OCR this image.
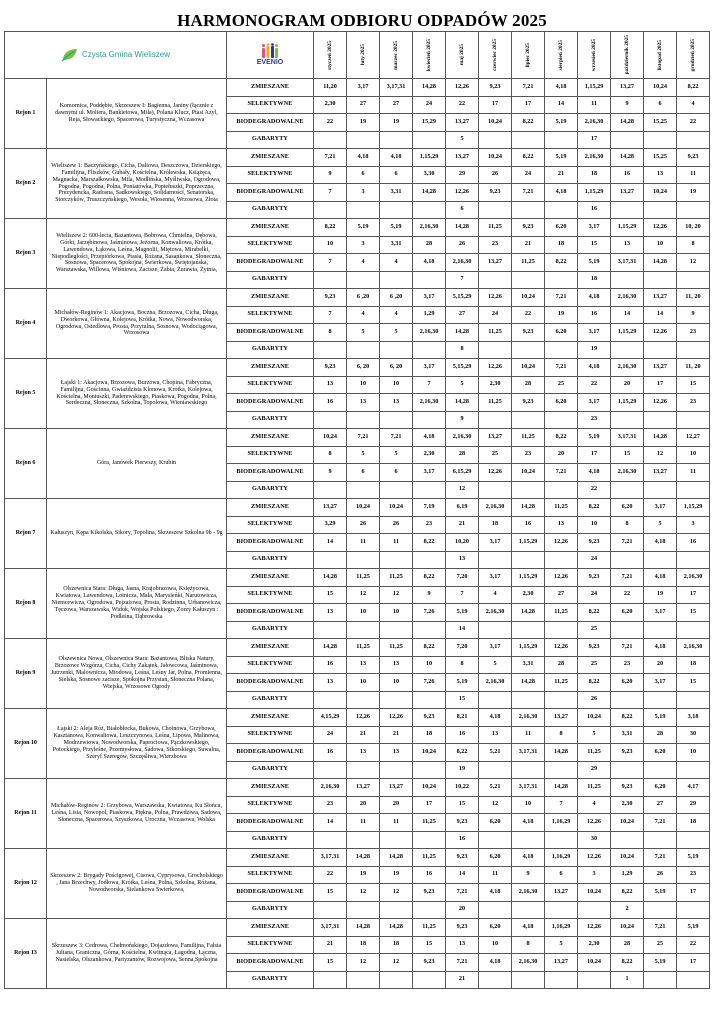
HARMONOGRAM ODBIORU ODPADÓW 2025
Czysta Gmina Wieliszew		EVENIO	styczeń 2025	luty 2025	marzec 2025	kwiecień 2025	maj 2025	czerwiec 2025	lipiec 2025	sierpień 2025	wrzesień 2025	październik 2025	listopad 2025	grudzień 2025

Rejon 1	Komornica, Poddębie, Skrzeszew I: Bagienna, Janiny (łącznie z dawnymi ul. Moliera, Bankietowa, Miła), Polana Klucz, Ptasi Azyl, Reja, Słowackiego, Spacerowa, Turystyczna, Wczasowa	ZMIESZANE	11,20	3,17	3,17,31	14,28	12,26	9,23	7,21	4,18	1,15,29	13,27	10,24	8,22
		SELEKTYWNE	2,30	27	27	24	22	17	17	14	11	9	6	4
		BIODEGRADOWALNE	22	19	19	15,29	13,27	10,24	8,22	5,19	2,16,30	14,28	15,25	22
		GABARYTY					5				17			
Rejon 2	Wieliszew 1: Baczyńskiego, Cicha, Daliowa, Deszczowa, Dzierskiego, Familijna, Fliszków, Gubały, Kościelna, Królewska, Książęca, Magnacka, Marszałkowska, Mila, Modlińska, Myśliwska, Ogrodowa, Pogodna, Pogodna, Polna, Poniatówka, Popiełuszki, Poprzeczna, Prezydencka, Radosna, Sadkowskiego, Solidarności, Senatorska, Storczyków, Truszczyńskiego, Wesoła, Wiosenna, Wrzosowa, Złota	ZMIESZANE	7,21	4,18	4,18	1,15,29	13,27	10,24	8,22	5,19	2,16,30	14,28	15,25	9,23
		SELEKTYWNE	9	6	6	3,30	29	26	24	21	18	16	13	11
		BIODEGRADOWALNE	7	3	3,31	14,28	12,26	9,23	7,21	4,18	1,15,29	13,27	10,24	19
		GABARYTY					6				16			
Rejon 3	Wieliszew 2: 600-lecia, Bażantowa, Bobrowa, Chmielna, Dębowa, Górki, Jarzębinowa, Jaśminowa, Jeżorna, Konwaliowa, Krótka, Lawendowa, Łąkowa, Leśna, Magnolii, Miętowa, Mirabelki, Niepodległości, Przepiórkowa, Ptasia, Różana, Sasankowa, Słoneczna, Sosnowa, Spacerowa, Spokojna, Świerkowa, Świętojańska, Warszawska, Willowa, Wiśniowa, Zacisze, Żabia, Żurawia, Żytnia,	ZMIESZANE	8,22	5,19	5,19	2,16,30	14,28	11,25	9,23	6,20	3,17	1,15,29	12,26	10, 20
		SELEKTYWNE	10	3	3,31	28	26	23	21	18	15	13	10	8
		BIODEGRADOWALNE	7	4	4	4,18	2,16,30	13,27	11,25	8,22	5,19	3,17,31	14,28	12
		GABARYTY					7				18			
Rejon 4	Michałów-Reginów 1: Akacjowa, Boczna, Brzozowa, Cicha, Długa, Dworkowa, Główna, Kolejowa, Krótka, Nowa, Nowodworska, Ogrodowa, Osiedlowa, Prosta, Przytulna, Sosnowa, Wodociągowa, Wrzosowa	ZMIESZANE	9,23	6 ,20	6 ,20	3,17	5,15,29	12,26	10,24	7,21	4,18	2,16,30	13,27	11, 20
		SELEKTYWNE	7	4	4	1,29	27	24	22	19	16	14	14	9
		BIODEGRADOWALNE	8	5	5	2,16,30	14,28	11,25	9,23	6,20	3,17	1,15,29	12,26	23
		GABARYTY					8				19			
Rejon 5	Łajski 1: Akacjowa, Brzozowa, Burzowa, Chopina, Fabryczna, Familijna, Gościnna, Gwiaździsta Klonowa, Krótka, Kolejowa, Kościelna, Moniuszki, Paderewskiego, Piaskowa, Pogodna, Polna, Serdeczna, Słoneczna, Szkolna, Topolowa, Wieniawskiego	ZMIESZANE	9,23	6, 20	6, 20	3,17	5,15,29	12,26	10,24	7,21	4,18	2,16,30	13,27	11, 20
		SELEKTYWNE	13	10	10	7	5	2,30	28	25	22	20	17	15
		BIODEGRADOWALNE	16	13	13	2,16,30	14,28	11,25	9,23	6,20	3,17	1,15,29	12,26	23
		GABARYTY					9				23			
Rejon 6	Góra, Janówek Pierwszy, Krubin	ZMIESZANE	10,24	7,21	7,21	4,18	2,16,30	13,27	11,25	8,22	5,19	3,17,31	14,28	12,27
		SELEKTYWNE	8	5	5	2,30	28	25	23	20	17	15	12	10
		BIODEGRADOWALNE	9	6	6	3,17	6,15,29	12,26	10,24	7,21	4,18	2,16,30	13,27	11
		GABARYTY					12				22			
Rejon 7	Kałuszyn, Kępa Kikolska, Sikory, Topolina, Skrzeszew Szkolna 9b - 9g	ZMIESZANE	13,27	10,24	10,24	7,19	6,19	2,16,30	14,28	11,25	8,22	6,20	3,17	1,15,29
		SELEKTYWNE	3,29	26	26	23	21	18	16	13	10	8	5	3
		BIODEGRADOWALNE	14	11	11	8,22	10,20	3,17	1,15,29	12,26	9,23	7,21	4,18	16
		GABARYTY					13				24			
Rejon 8	Olszewnica Stara: Długa, Jasna, Krajobrazowa, Księżycowa, Kwiatowa, Lawendowa, Lotnicza, Mała, Marysieńki, Narutowicza, Niemcewicza, Ogrodowa, Pejzażowa, Prosta, Rodzinna, Urbanowicza, Tęczowa, Warszawska, Widok, Wojska Polskiego, Zorzy Kałuszyn : Podleśna, Dąbrowska	ZMIESZANE	14,28	11,25	11,25	8,22	7,20	3,17	1,15,29	12,26	9,23	7,21	4,18	2,16,30
		SELEKTYWNE	15	12	12	9	7	4	2,30	27	24	22	19	17
		BIODEGRADOWALNE	13	10	10	7,26	5,19	2,16,30	14,28	11,25	8,22	6,20	3,17	15
		GABARYTY					14				25			
Rejon 9	Olszewnica Nowa, Olszewnica Stara: Bażantowa, Bliska Natury, Brzozowe Wzgórza, Cicha, Cichy Zakątek, Jałowcowa, Jaśminowa, Jutrzenki, Malownicza, Miodowa, Leśna, Leśny Jar, Polna, Promienna, Sielska, Sosnowe zacisze, Spokojna Przystań, Słoneczna Polana, Wiejska, Wrzosowe Ogrody	ZMIESZANE	14,28	11,25	11,25	8,22	7,20	3,17	1,15,29	12,26	9,23	7,21	4,18	2,16,30
		SELEKTYWNE	16	13	13	10	8	5	3,31	28	25	23	20	18
		BIODEGRADOWALNE	13	10	10	7,26	5,19	2,16,30	14,28	11,25	8,22	6,20	3,17	15
		GABARYTY					15				26			
Rejon 10	Łajski 2: Aleja Róż, Białobłocka, Bukowa, Choinowa, Grzybowa, Kasztanowa, Konwaliowa, Leszczynowa, Leśna, Lipowa, Malinowa, Modrzewiowa, Nowodworska, Paprociowa, Pączkowskiego, Potockiego, Przyleśne, Przemysłowa, Sadowa, Sikorskiego, Suwalna, Szeryf Szeregów, Szczęśliwa, Wierzbowa	ZMIESZANE	4,15,29	12,26	12,26	9,23	8,21	4,18	2,16,30	13,27	10,24	8,22	5,19	3,18
		SELEKTYWNE	24	21	21	18	16	13	11	8	5	3,31	28	30
		BIODEGRADOWALNE	16	13	13	10,24	8,22	5,21	3,17,31	14,28	11,25	9,23	6,20	10
		GABARYTY					19				29			
Rejon 11	Michałów-Reginów 2: Grzybowa, Warszawska, Kwiatowa, Ku Słońcu, Leśna, Lisia, Nowopol, Piaskowa, Piękna, Polna, Prawdziwa, Sadowa, Słoneczna, Spacerowa, Szyszkowa, Uroczna, Wczasowa, Wolska	ZMIESZANE	2,16,30	13,27	13,27	10,24	10,22	5,21	3,17,31	14,28	11,25	9,23	6,20	4,17
		SELEKTYWNE	23	20	20	17	15	12	10	7	4	2,30	27	29
		BIODEGRADOWALNE	14	11	11	11,25	9,23	6,20	4,18	1,16,29	12,26	10,24	7,21	18
		GABARYTY					16				30			
Rejon 12	Skrzeszew 2: Brygady Pościgowej, Cisowa, Cyprysowa, Grocholskiego , Jana Brzechwy, Jodłowa, Krótka, Leśna, Polna, Szkolna, Różana, Nowodworska, Sielankowa Świerkowa,	ZMIESZANE	3,17,31	14,28	14,28	11,25	9,23	6,20	4,18	1,16,29	12,26	10,24	7,21	5,19
		SELEKTYWNE	22	19	19	16	14	11	9	6	3	1,29	26	23
		BIODEGRADOWALNE	15	12	12	9,23	7,21	4,18	2,16,30	13,27	10,24	8,22	5,19	17
		GABARYTY					20					2		
Rejon 13	Skrzeszew 3: Cedrowa, Chełmońskiego, Dojazdowa, Familijna, Fałsta Juliana, Graniczna, Górna, Kościelna, Kwitnąca, Łagodna, Łączna, Nasielska, Olszankowa, Partyzantów, Rozwojowa, Senna,Spokojna	ZMIESZANE	3,17,31	14,28	14,28	11,25	9,23	6,20	4,18	1,16,29	12,26	10,24	7,21	5,19
		SELEKTYWNE	21	18	18	15	13	10	8	5	2,30	28	25	22
		BIODEGRADOWALNE	15	12	12	9,23	7,21	4,18	2,16,30	13,27	10,24	8,22	5,19	17
		GABARYTY					21					1		
